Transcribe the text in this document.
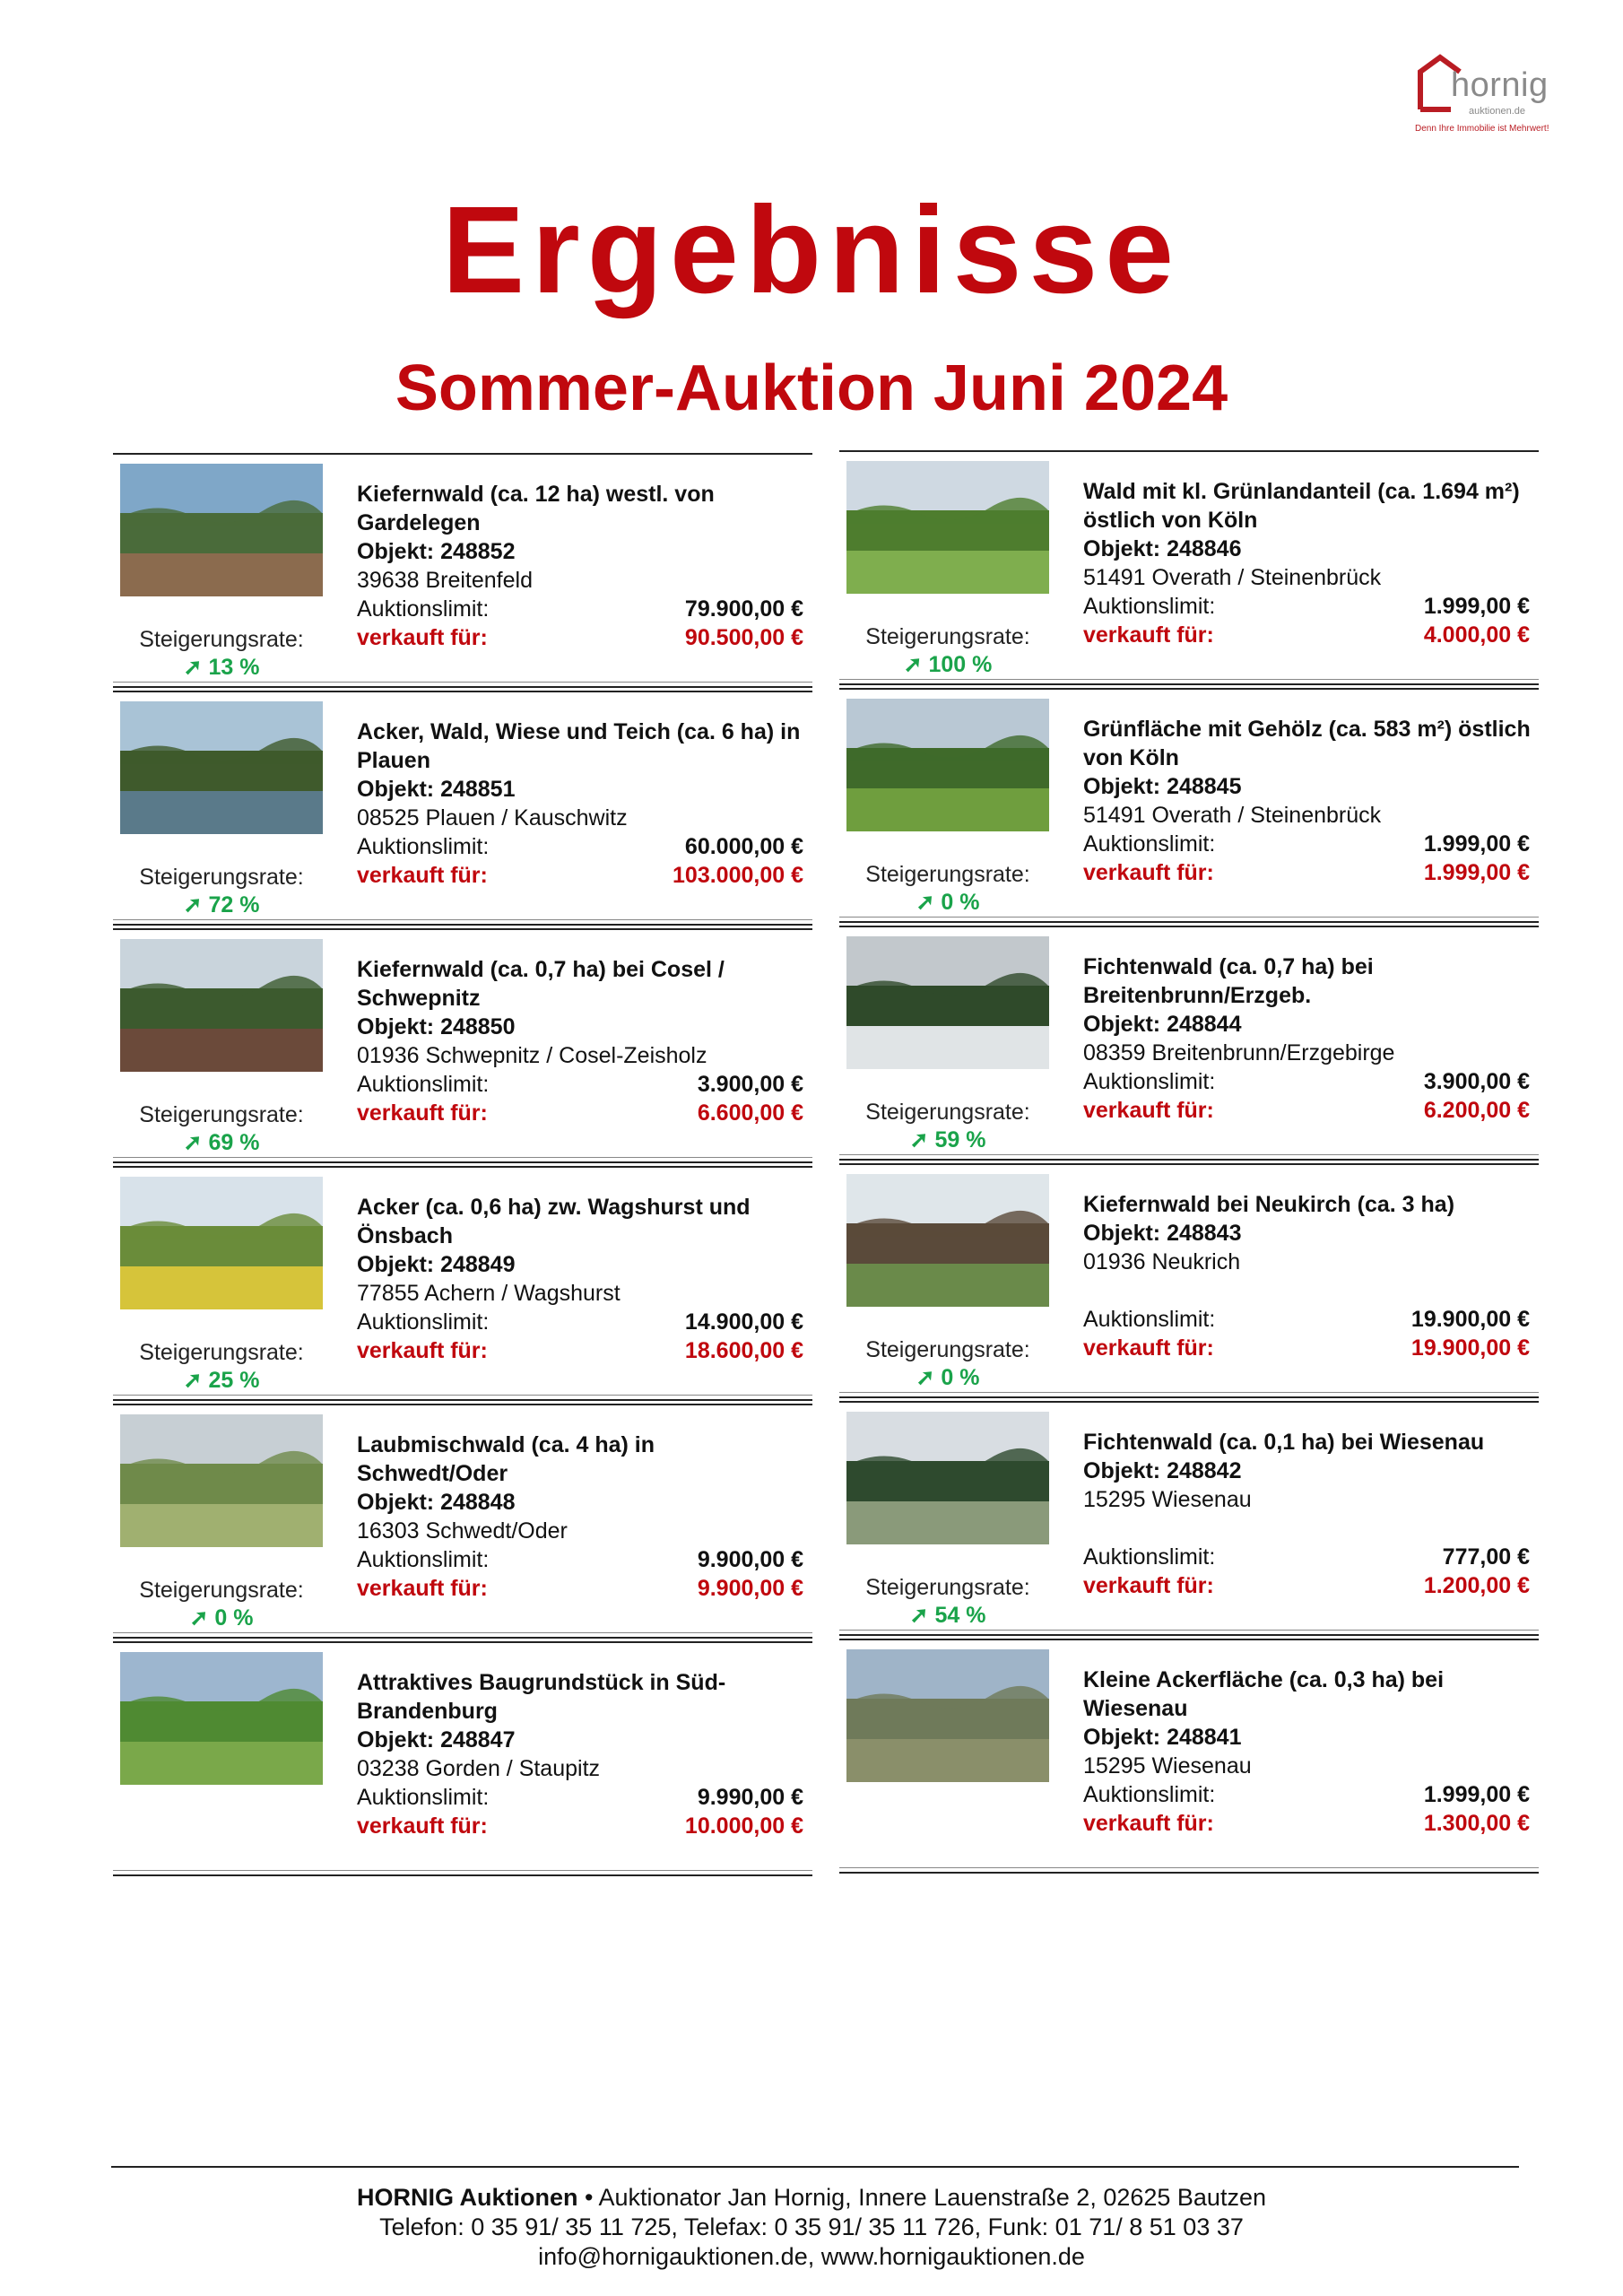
hornig
auktionen.de
Denn Ihre Immobilie ist Mehrwert!
Ergebnisse
Sommer-Auktion Juni 2024
Steigerungsrate:
➚ 13 %
Kiefernwald (ca. 12 ha) westl. von Gardelegen
Objekt: 248852
39638 Breitenfeld
Auktionslimit:	79.900,00 €
verkauft für:	90.500,00 €
Steigerungsrate:
➚ 72 %
Acker, Wald, Wiese und Teich (ca. 6 ha) in Plauen
Objekt: 248851
08525 Plauen / Kauschwitz
Auktionslimit:	60.000,00 €
verkauft für:	103.000,00 €
Steigerungsrate:
➚ 69 %
Kiefernwald (ca. 0,7 ha) bei Cosel / Schwepnitz
Objekt: 248850
01936 Schwepnitz / Cosel-Zeisholz
Auktionslimit:	3.900,00 €
verkauft für:	6.600,00 €
Steigerungsrate:
➚ 25 %
Acker (ca. 0,6 ha) zw. Wagshurst und Önsbach
Objekt: 248849
77855 Achern / Wagshurst
Auktionslimit:	14.900,00 €
verkauft für:	18.600,00 €
Steigerungsrate:
➚ 0 %
Laubmischwald (ca. 4 ha) in Schwedt/Oder
Objekt: 248848
16303 Schwedt/Oder
Auktionslimit:	9.900,00 €
verkauft für:	9.900,00 €
Attraktives Baugrundstück in Süd-Brandenburg
Objekt: 248847
03238 Gorden / Staupitz
Auktionslimit:	9.990,00 €
verkauft für:	10.000,00 €
Steigerungsrate:
➚ 100 %
Wald mit kl. Grünlandanteil (ca. 1.694 m²) östlich von Köln
Objekt: 248846
51491 Overath / Steinenbrück
Auktionslimit:	1.999,00 €
verkauft für:	4.000,00 €
Steigerungsrate:
➚ 0 %
Grünfläche mit Gehölz (ca. 583 m²) östlich von Köln
Objekt: 248845
51491 Overath / Steinenbrück
Auktionslimit:	1.999,00 €
verkauft für:	1.999,00 €
Steigerungsrate:
➚ 59 %
Fichtenwald (ca. 0,7 ha) bei Breitenbrunn/Erzgeb.
Objekt: 248844
08359 Breitenbrunn/Erzgebirge
Auktionslimit:	3.900,00 €
verkauft für:	6.200,00 €
Steigerungsrate:
➚ 0 %
Kiefernwald bei Neukirch (ca. 3 ha)
Objekt: 248843
01936 Neukrich
Auktionslimit:	19.900,00 €
verkauft für:	19.900,00 €
Steigerungsrate:
➚ 54 %
Fichtenwald (ca. 0,1 ha) bei Wiesenau
Objekt: 248842
15295 Wiesenau
Auktionslimit:	777,00 €
verkauft für:	1.200,00 €
Kleine Ackerfläche (ca. 0,3 ha) bei Wiesenau
Objekt: 248841
15295 Wiesenau
Auktionslimit:	1.999,00 €
verkauft für:	1.300,00 €
HORNIG Auktionen • Auktionator Jan Hornig, Innere Lauenstraße 2, 02625 Bautzen
Telefon: 0 35 91/ 35 11 725, Telefax: 0 35 91/ 35 11 726, Funk: 01 71/ 8 51 03 37
info@hornigauktionen.de, www.hornigauktionen.de
